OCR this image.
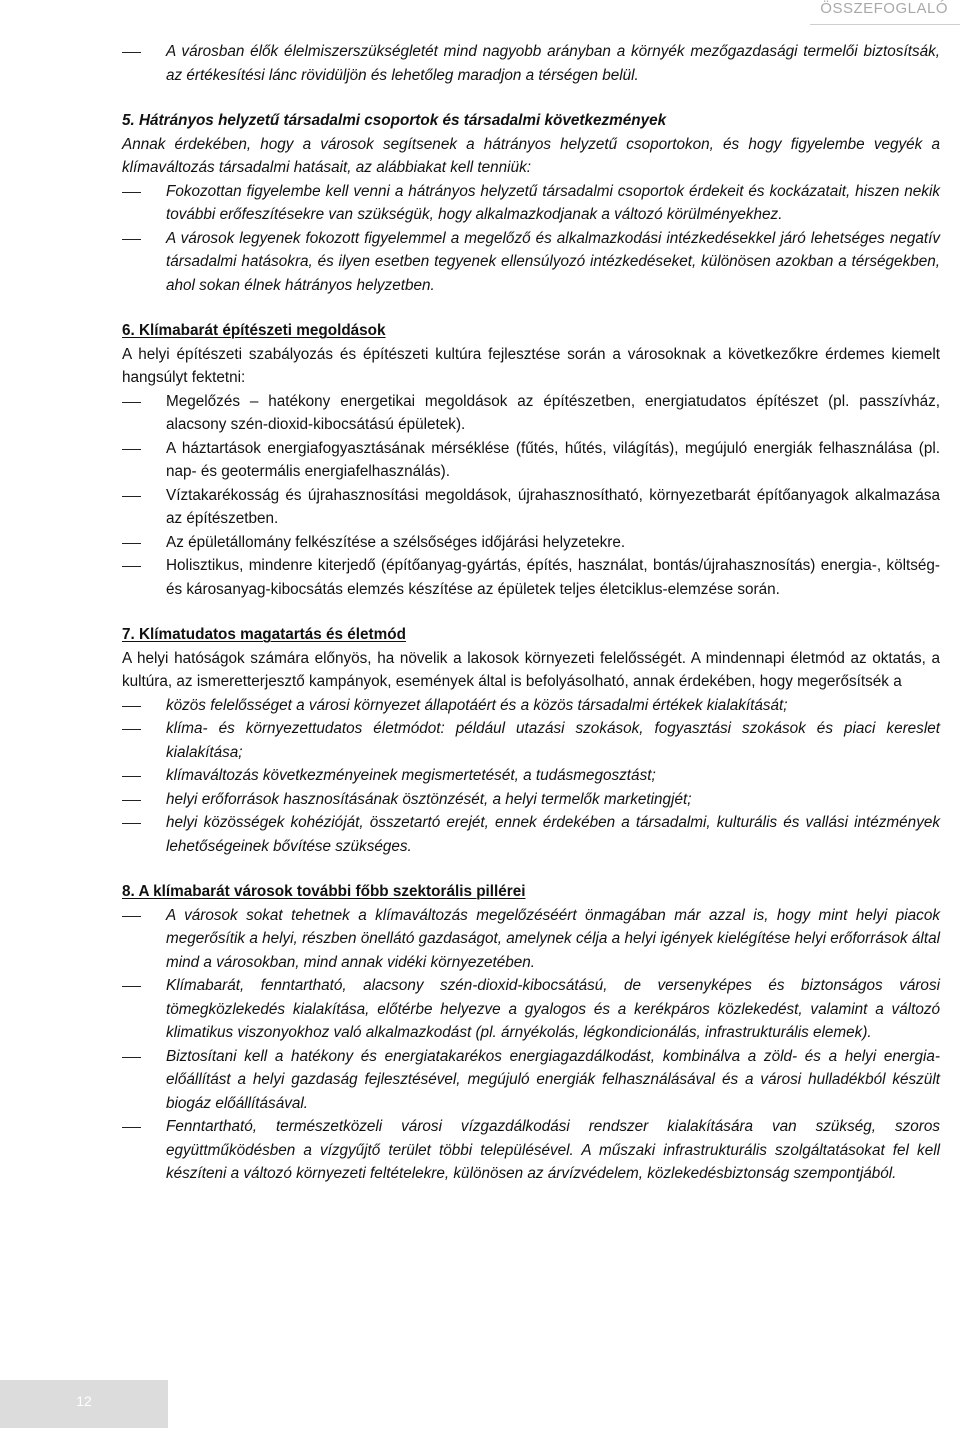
ÖSSZEFOGLALÓ
A városban élők élelmiszerszükségletét mind nagyobb arányban a környék mezőgazdasági termelői biztosítsák, az értékesítési lánc rövidüljön és lehetőleg maradjon a térségen belül.

5. Hátrányos helyzetű társadalmi csoportok és társadalmi következmények

Annak érdekében, hogy a városok segítsenek a hátrányos helyzetű csoportokon, és hogy figyelembe vegyék a klímaváltozás társadalmi hatásait, az alábbiakat kell tenniük:

Fokozottan figyelembe kell venni a hátrányos helyzetű társadalmi csoportok érdekeit és kockázatait, hiszen nekik további erőfeszítésekre van szükségük, hogy alkalmazkodjanak a változó körülményekhez.
A városok legyenek fokozott figyelemmel a megelőző és alkalmazkodási intézkedésekkel járó lehetséges negatív társadalmi hatásokra, és ilyen esetben tegyenek ellensúlyozó intézkedéseket, különösen azokban a térségekben, ahol sokan élnek hátrányos helyzetben.

6. Klímabarát építészeti megoldások

A helyi építészeti szabályozás és építészeti kultúra fejlesztése során a városoknak a következőkre érdemes kiemelt hangsúlyt fektetni:

Megelőzés – hatékony energetikai megoldások az építészetben, energiatudatos építészet (pl. passzívház, alacsony szén-dioxid-kibocsátású épületek).
A háztartások energiafogyasztásának mérséklése (fűtés, hűtés, világítás), megújuló energiák felhasználása (pl. nap- és geotermális energiafelhasználás).
Víztakarékosság és újrahasznosítási megoldások, újrahasznosítható, környezetbarát építőanyagok alkalmazása az építészetben.
Az épületállomány felkészítése a szélsőséges időjárási helyzetekre.
Holisztikus, mindenre kiterjedő (építőanyag-gyártás, építés, használat, bontás/újrahasznosítás) energia-, költség- és károsanyag-kibocsátás elemzés készítése az épületek teljes életciklus-elemzése során.

7. Klímatudatos magatartás és életmód

A helyi hatóságok számára előnyös, ha növelik a lakosok környezeti felelősségét. A mindennapi életmód az oktatás, a kultúra, az ismeretterjesztő kampányok, események által is befolyásolható, annak érdekében, hogy megerősítsék a

közös felelősséget a városi környezet állapotáért és a közös társadalmi értékek kialakítását;
klíma- és környezettudatos életmódot: például utazási szokások, fogyasztási szokások és piaci kereslet kialakítása;
klímaváltozás következményeinek megismertetését, a tudásmegosztást;
helyi erőforrások hasznosításának ösztönzését, a helyi termelők marketingjét;
helyi közösségek kohézióját, összetartó erejét, ennek érdekében a társadalmi, kulturális és vallási intézmények lehetőségeinek bővítése szükséges.

8. A klímabarát városok további főbb szektorális pillérei

A városok sokat tehetnek a klímaváltozás megelőzéséért önmagában már azzal is, hogy mint helyi piacok megerősítik a helyi, részben önellátó gazdaságot, amelynek célja a helyi igények kielégítése helyi erőforrások által mind a városokban, mind annak vidéki környezetében.
Klímabarát, fenntartható, alacsony szén-dioxid-kibocsátású, de versenyképes és biztonságos városi tömegközlekedés kialakítása, előtérbe helyezve a gyalogos és a kerékpáros közlekedést, valamint a változó klimatikus viszonyokhoz való alkalmazkodást (pl. árnyékolás, légkondicionálás, infrastrukturális elemek).
Biztosítani kell a hatékony és energiatakarékos energiagazdálkodást, kombinálva a zöld- és a helyi energia-előállítást a helyi gazdaság fejlesztésével, megújuló energiák felhasználásával és a városi hulladékból készült biogáz előállításával.
Fenntartható, természetközeli városi vízgazdálkodási rendszer kialakítására van szükség, szoros együttműködésben a vízgyűjtő terület többi településével. A műszaki infrastrukturális szolgáltatásokat fel kell készíteni a változó környezeti feltételekre, különösen az árvízvédelem, közlekedésbiztonság szempontjából.
12
